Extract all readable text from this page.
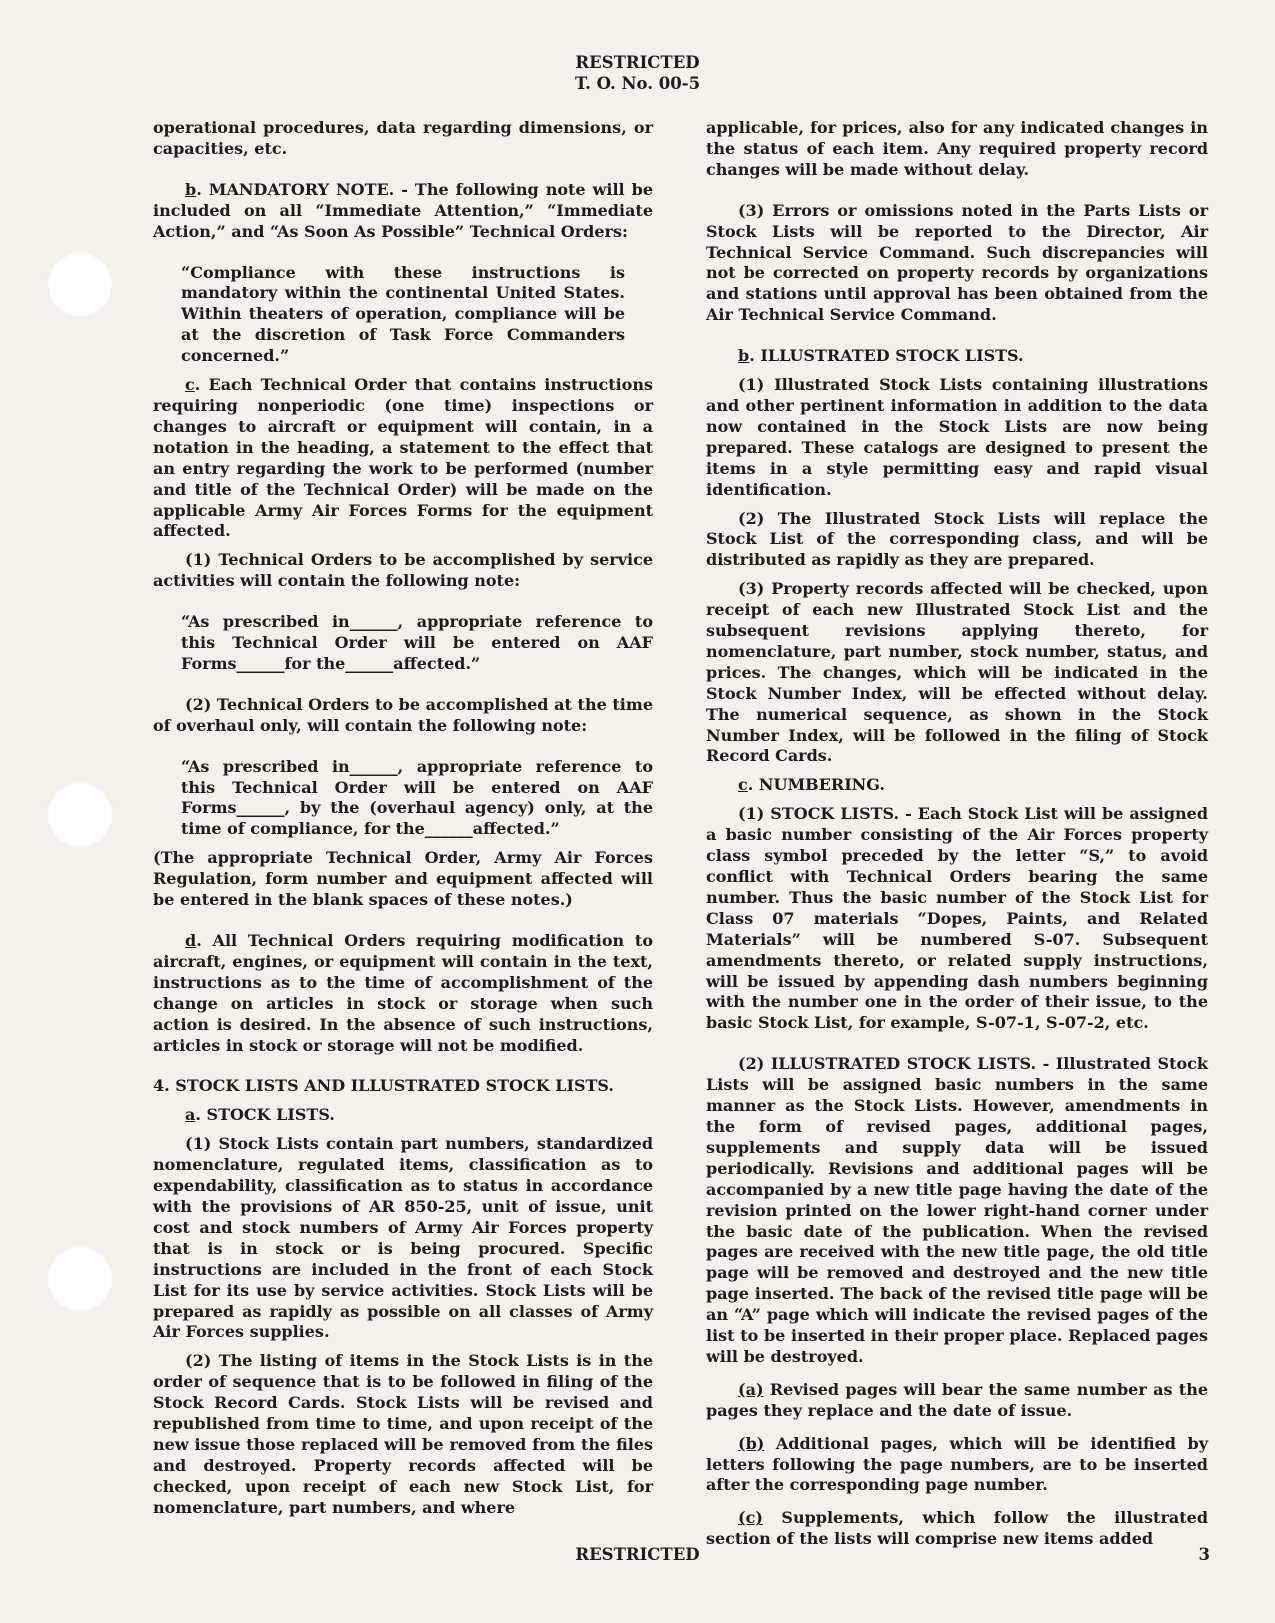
RESTRICTED
T. O. No. 00-5

operational procedures, data regarding dimensions, or capacities, etc.

b. MANDATORY NOTE. - The following note will be included on all “Immediate Attention,” “Immediate Action,” and “As Soon As Possible” Technical Orders:

“Compliance with these instructions is mandatory within the continental United States. Within theaters of operation, compliance will be at the discretion of Task Force Commanders concerned.”

c. Each Technical Order that contains instructions requiring nonperiodic (one time) inspections or changes to aircraft or equipment will contain, in a notation in the heading, a statement to the effect that an entry regarding the work to be performed (number and title of the Technical Order) will be made on the applicable Army Air Forces Forms for the equipment affected.

(1) Technical Orders to be accomplished by service activities will contain the following note:

“As prescribed in______, appropriate reference to this Technical Order will be entered on AAF Forms______for the______affected.”

(2) Technical Orders to be accomplished at the time of overhaul only, will contain the following note:

“As prescribed in______, appropriate reference to this Technical Order will be entered on AAF Forms______, by the (overhaul agency) only, at the time of compliance, for the______affected.”

(The appropriate Technical Order, Army Air Forces Regulation, form number and equipment affected will be entered in the blank spaces of these notes.)

d. All Technical Orders requiring modification to aircraft, engines, or equipment will contain in the text, instructions as to the time of accomplishment of the change on articles in stock or storage when such action is desired. In the absence of such instructions, articles in stock or storage will not be modified.

4. STOCK LISTS AND ILLUSTRATED STOCK LISTS.

a. STOCK LISTS.

(1) Stock Lists contain part numbers, standardized nomenclature, regulated items, classification as to expendability, classification as to status in accordance with the provisions of AR 850-25, unit of issue, unit cost and stock numbers of Army Air Forces property that is in stock or is being procured. Specific instructions are included in the front of each Stock List for its use by service activities. Stock Lists will be prepared as rapidly as possible on all classes of Army Air Forces supplies.

(2) The listing of items in the Stock Lists is in the order of sequence that is to be followed in filing of the Stock Record Cards. Stock Lists will be revised and republished from time to time, and upon receipt of the new issue those replaced will be removed from the files and destroyed. Property records affected will be checked, upon receipt of each new Stock List, for nomenclature, part numbers, and where

applicable, for prices, also for any indicated changes in the status of each item. Any required property record changes will be made without delay.

(3) Errors or omissions noted in the Parts Lists or Stock Lists will be reported to the Director, Air Technical Service Command. Such discrepancies will not be corrected on property records by organizations and stations until approval has been obtained from the Air Technical Service Command.

b. ILLUSTRATED STOCK LISTS.

(1) Illustrated Stock Lists containing illustrations and other pertinent information in addition to the data now contained in the Stock Lists are now being prepared. These catalogs are designed to present the items in a style permitting easy and rapid visual identification.

(2) The Illustrated Stock Lists will replace the Stock List of the corresponding class, and will be distributed as rapidly as they are prepared.

(3) Property records affected will be checked, upon receipt of each new Illustrated Stock List and the subsequent revisions applying thereto, for nomenclature, part number, stock number, status, and prices. The changes, which will be indicated in the Stock Number Index, will be effected without delay. The numerical sequence, as shown in the Stock Number Index, will be followed in the filing of Stock Record Cards.

c. NUMBERING.

(1) STOCK LISTS. - Each Stock List will be assigned a basic number consisting of the Air Forces property class symbol preceded by the letter “S,” to avoid conflict with Technical Orders bearing the same number. Thus the basic number of the Stock List for Class 07 materials “Dopes, Paints, and Related Materials” will be numbered S-07. Subsequent amendments thereto, or related supply instructions, will be issued by appending dash numbers beginning with the number one in the order of their issue, to the basic Stock List, for example, S-07-1, S-07-2, etc.

(2) ILLUSTRATED STOCK LISTS. - Illustrated Stock Lists will be assigned basic numbers in the same manner as the Stock Lists. However, amendments in the form of revised pages, additional pages, supplements and supply data will be issued periodically. Revisions and additional pages will be accompanied by a new title page having the date of the revision printed on the lower right-hand corner under the basic date of the publication. When the revised pages are received with the new title page, the old title page will be removed and destroyed and the new title page inserted. The back of the revised title page will be an “A” page which will indicate the revised pages of the list to be inserted in their proper place. Replaced pages will be destroyed.

(a) Revised pages will bear the same number as the pages they replace and the date of issue.

(b) Additional pages, which will be identified by letters following the page numbers, are to be inserted after the corresponding page number.

(c) Supplements, which follow the illustrated section of the lists will comprise new items added

RESTRICTED	3
